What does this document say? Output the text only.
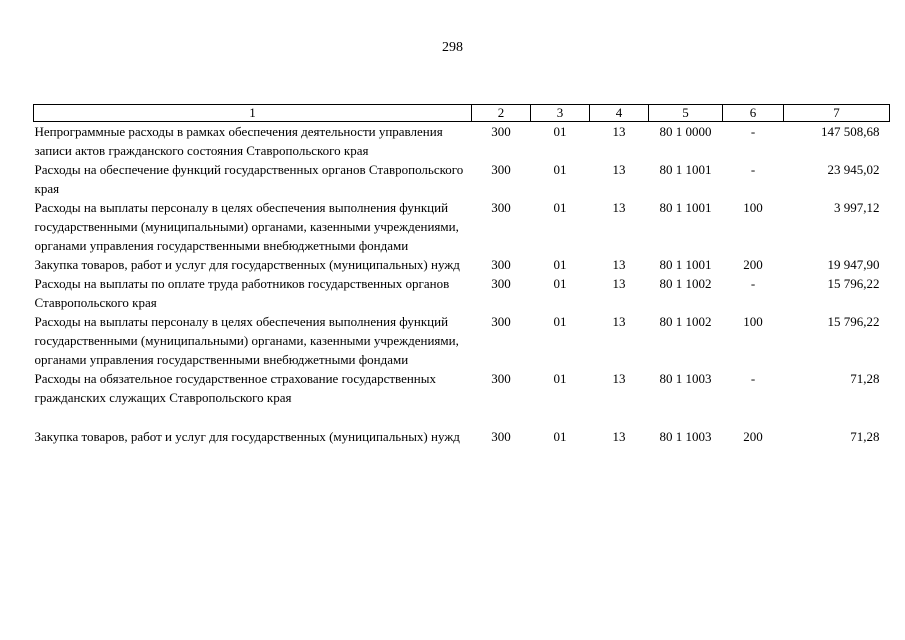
298
1	2	3	4	5	6	7
Непрограммные расходы в рамках обеспечения деятельности управления записи актов гражданского состояния Ставропольского края	300	01	13	80 1 0000	-	147 508,68
Расходы на обеспечение функций государственных органов Ставропольского края	300	01	13	80 1 1001	-	23 945,02
Расходы на выплаты персоналу в целях обеспечения выполнения функций государственными (муниципальными) органами, казенными учреждениями, органами управления государственными внебюджетными фондами	300	01	13	80 1 1001	100	3 997,12
Закупка товаров, работ и услуг для государственных (муниципальных) нужд	300	01	13	80 1 1001	200	19 947,90
Расходы на выплаты по оплате труда работников государственных органов Ставропольского края	300	01	13	80 1 1002	-	15 796,22
Расходы на выплаты персоналу в целях обеспечения выполнения функций государственными (муниципальными) органами, казенными учреждениями, органами управления государственными внебюджетными фондами	300	01	13	80 1 1002	100	15 796,22
Расходы на обязательное государственное страхование государственных гражданских служащих Ставропольского края	300	01	13	80 1 1003	-	71,28
Закупка товаров, работ и услуг для государственных (муниципальных) нужд	300	01	13	80 1 1003	200	71,28
